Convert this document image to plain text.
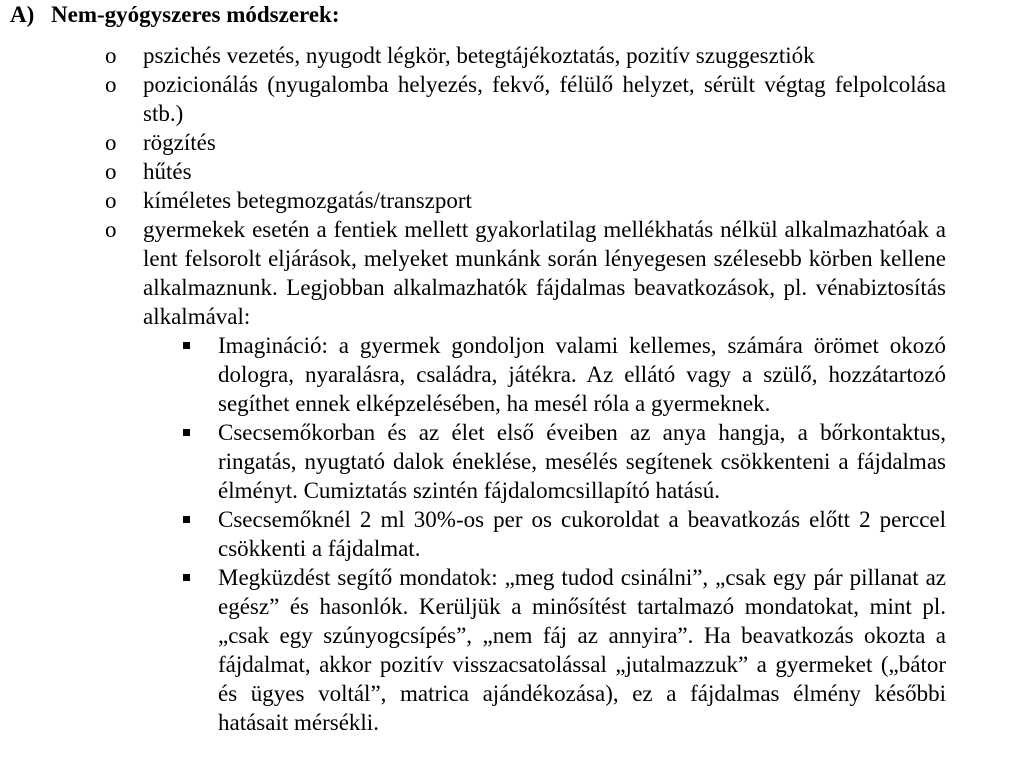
A) Nem-gyógyszeres módszerek:
o pszichés vezetés, nyugodt légkör, betegtájékoztatás, pozitív szuggesztiók
o pozicionálás (nyugalomba helyezés, fekvő, félülő helyzet, sérült végtag felpolcolása stb.)
o rögzítés
o hűtés
o kíméletes betegmozgatás/transzport
o gyermekek esetén a fentiek mellett gyakorlatilag mellékhatás nélkül alkalmazhatóak a lent felsorolt eljárások, melyeket munkánk során lényegesen szélesebb körben kellene alkalmaznunk. Legjobban alkalmazhatók fájdalmas beavatkozások, pl. vénabiztosítás alkalmával:
Imagináció: a gyermek gondoljon valami kellemes, számára örömet okozó dologra, nyaralásra, családra, játékra. Az ellátó vagy a szülő, hozzátartozó segíthet ennek elképzelésében, ha mesél róla a gyermeknek.
Csecsemőkorban és az élet első éveiben az anya hangja, a bőrkontaktus, ringatás, nyugtató dalok éneklése, mesélés segítenek csökkenteni a fájdalmas élményt. Cumiztatás szintén fájdalomcsillapító hatású.
Csecsemőknél 2 ml 30%-os per os cukoroldat a beavatkozás előtt 2 perccel csökkenti a fájdalmat.
Megküzdést segítő mondatok: „meg tudod csinálni”, „csak egy pár pillanat az egész” és hasonlók. Kerüljük a minősítést tartalmazó mondatokat, mint pl. „csak egy szúnyogcsípés”, „nem fáj az annyira”. Ha beavatkozás okozta a fájdalmat, akkor pozitív visszacsatolással „jutalmazzuk” a gyermeket („bátor és ügyes voltál”, matrica ajándékozása), ez a fájdalmas élmény későbbi hatásait mérsékli.
